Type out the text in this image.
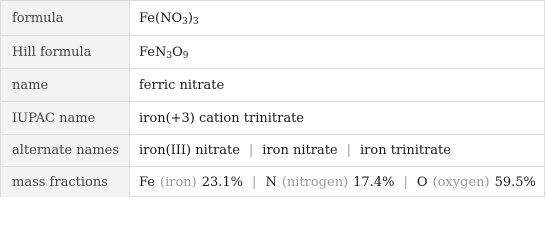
formula	Fe(NO 3 ) 3
Hill formula	FeN 3 O 9
name	ferric nitrate
IUPAC name	iron(+3) cation trinitrate
alternate names	iron(III) nitrate | iron nitrate | iron trinitrate
mass fractions	Fe (iron) 23.1% | N (nitrogen) 17.4% | O (oxygen) 59.5%
